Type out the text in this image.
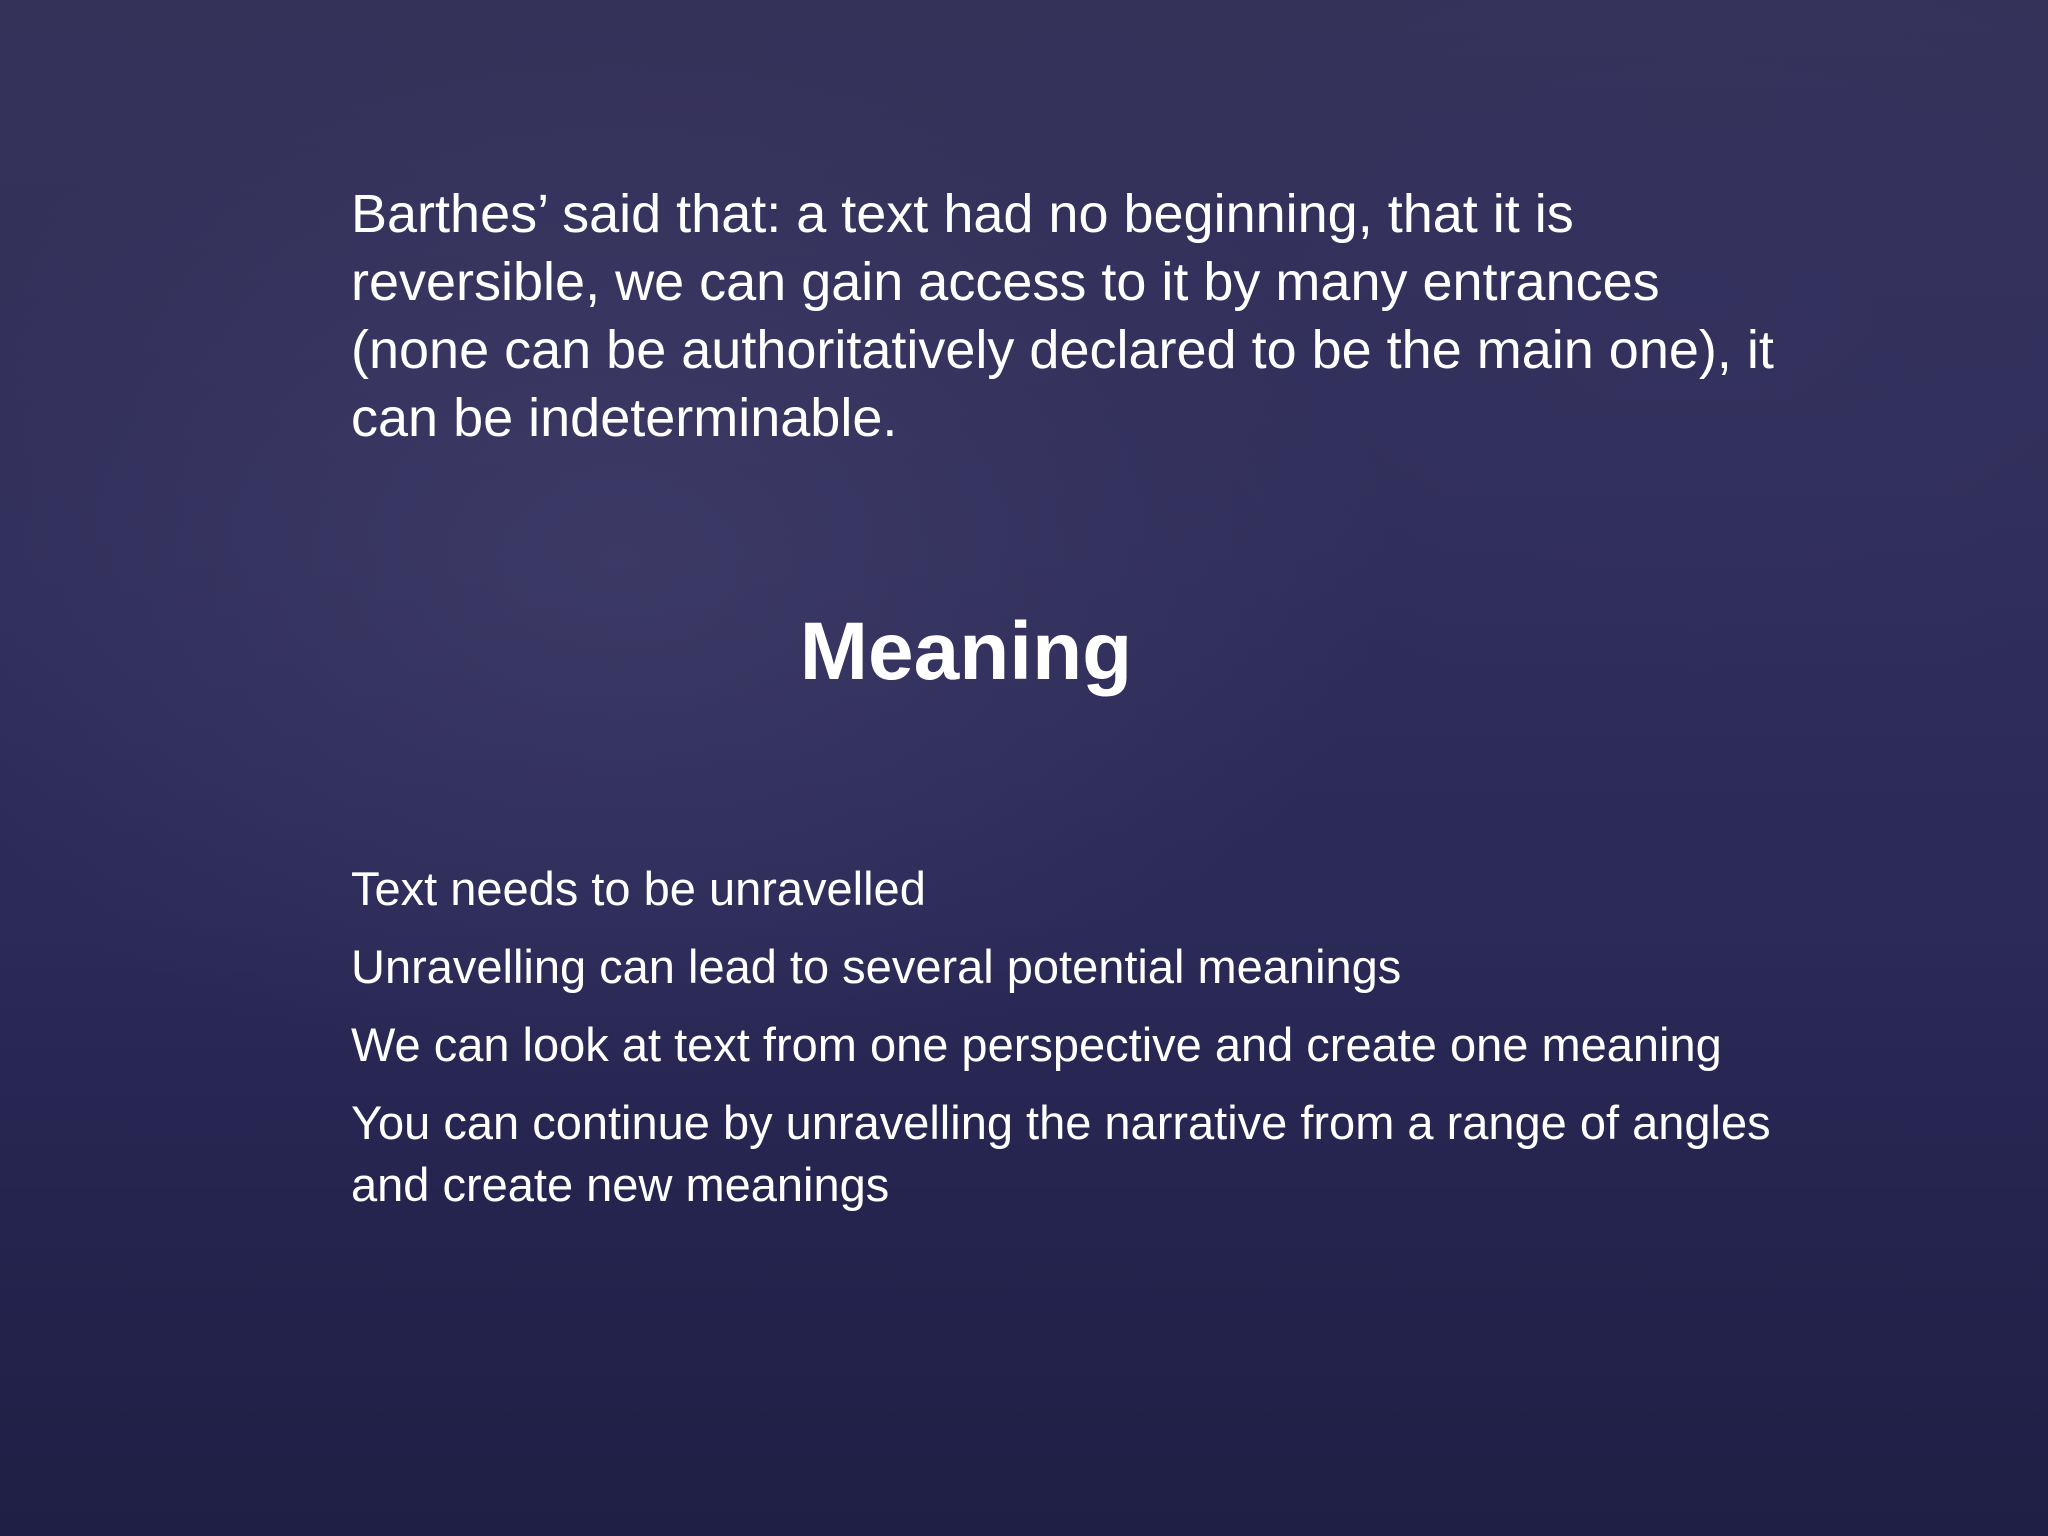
Barthes’ said that: a text had no beginning, that it is reversible, we can gain access to it by many entrances (none can be authoritatively declared to be the main one), it can be indeterminable.

Meaning
Text needs to be unravelled
Unravelling can lead to several potential meanings
We can look at text from one perspective and create one meaning
You can continue by unravelling the narrative from a range of angles and create new meanings
